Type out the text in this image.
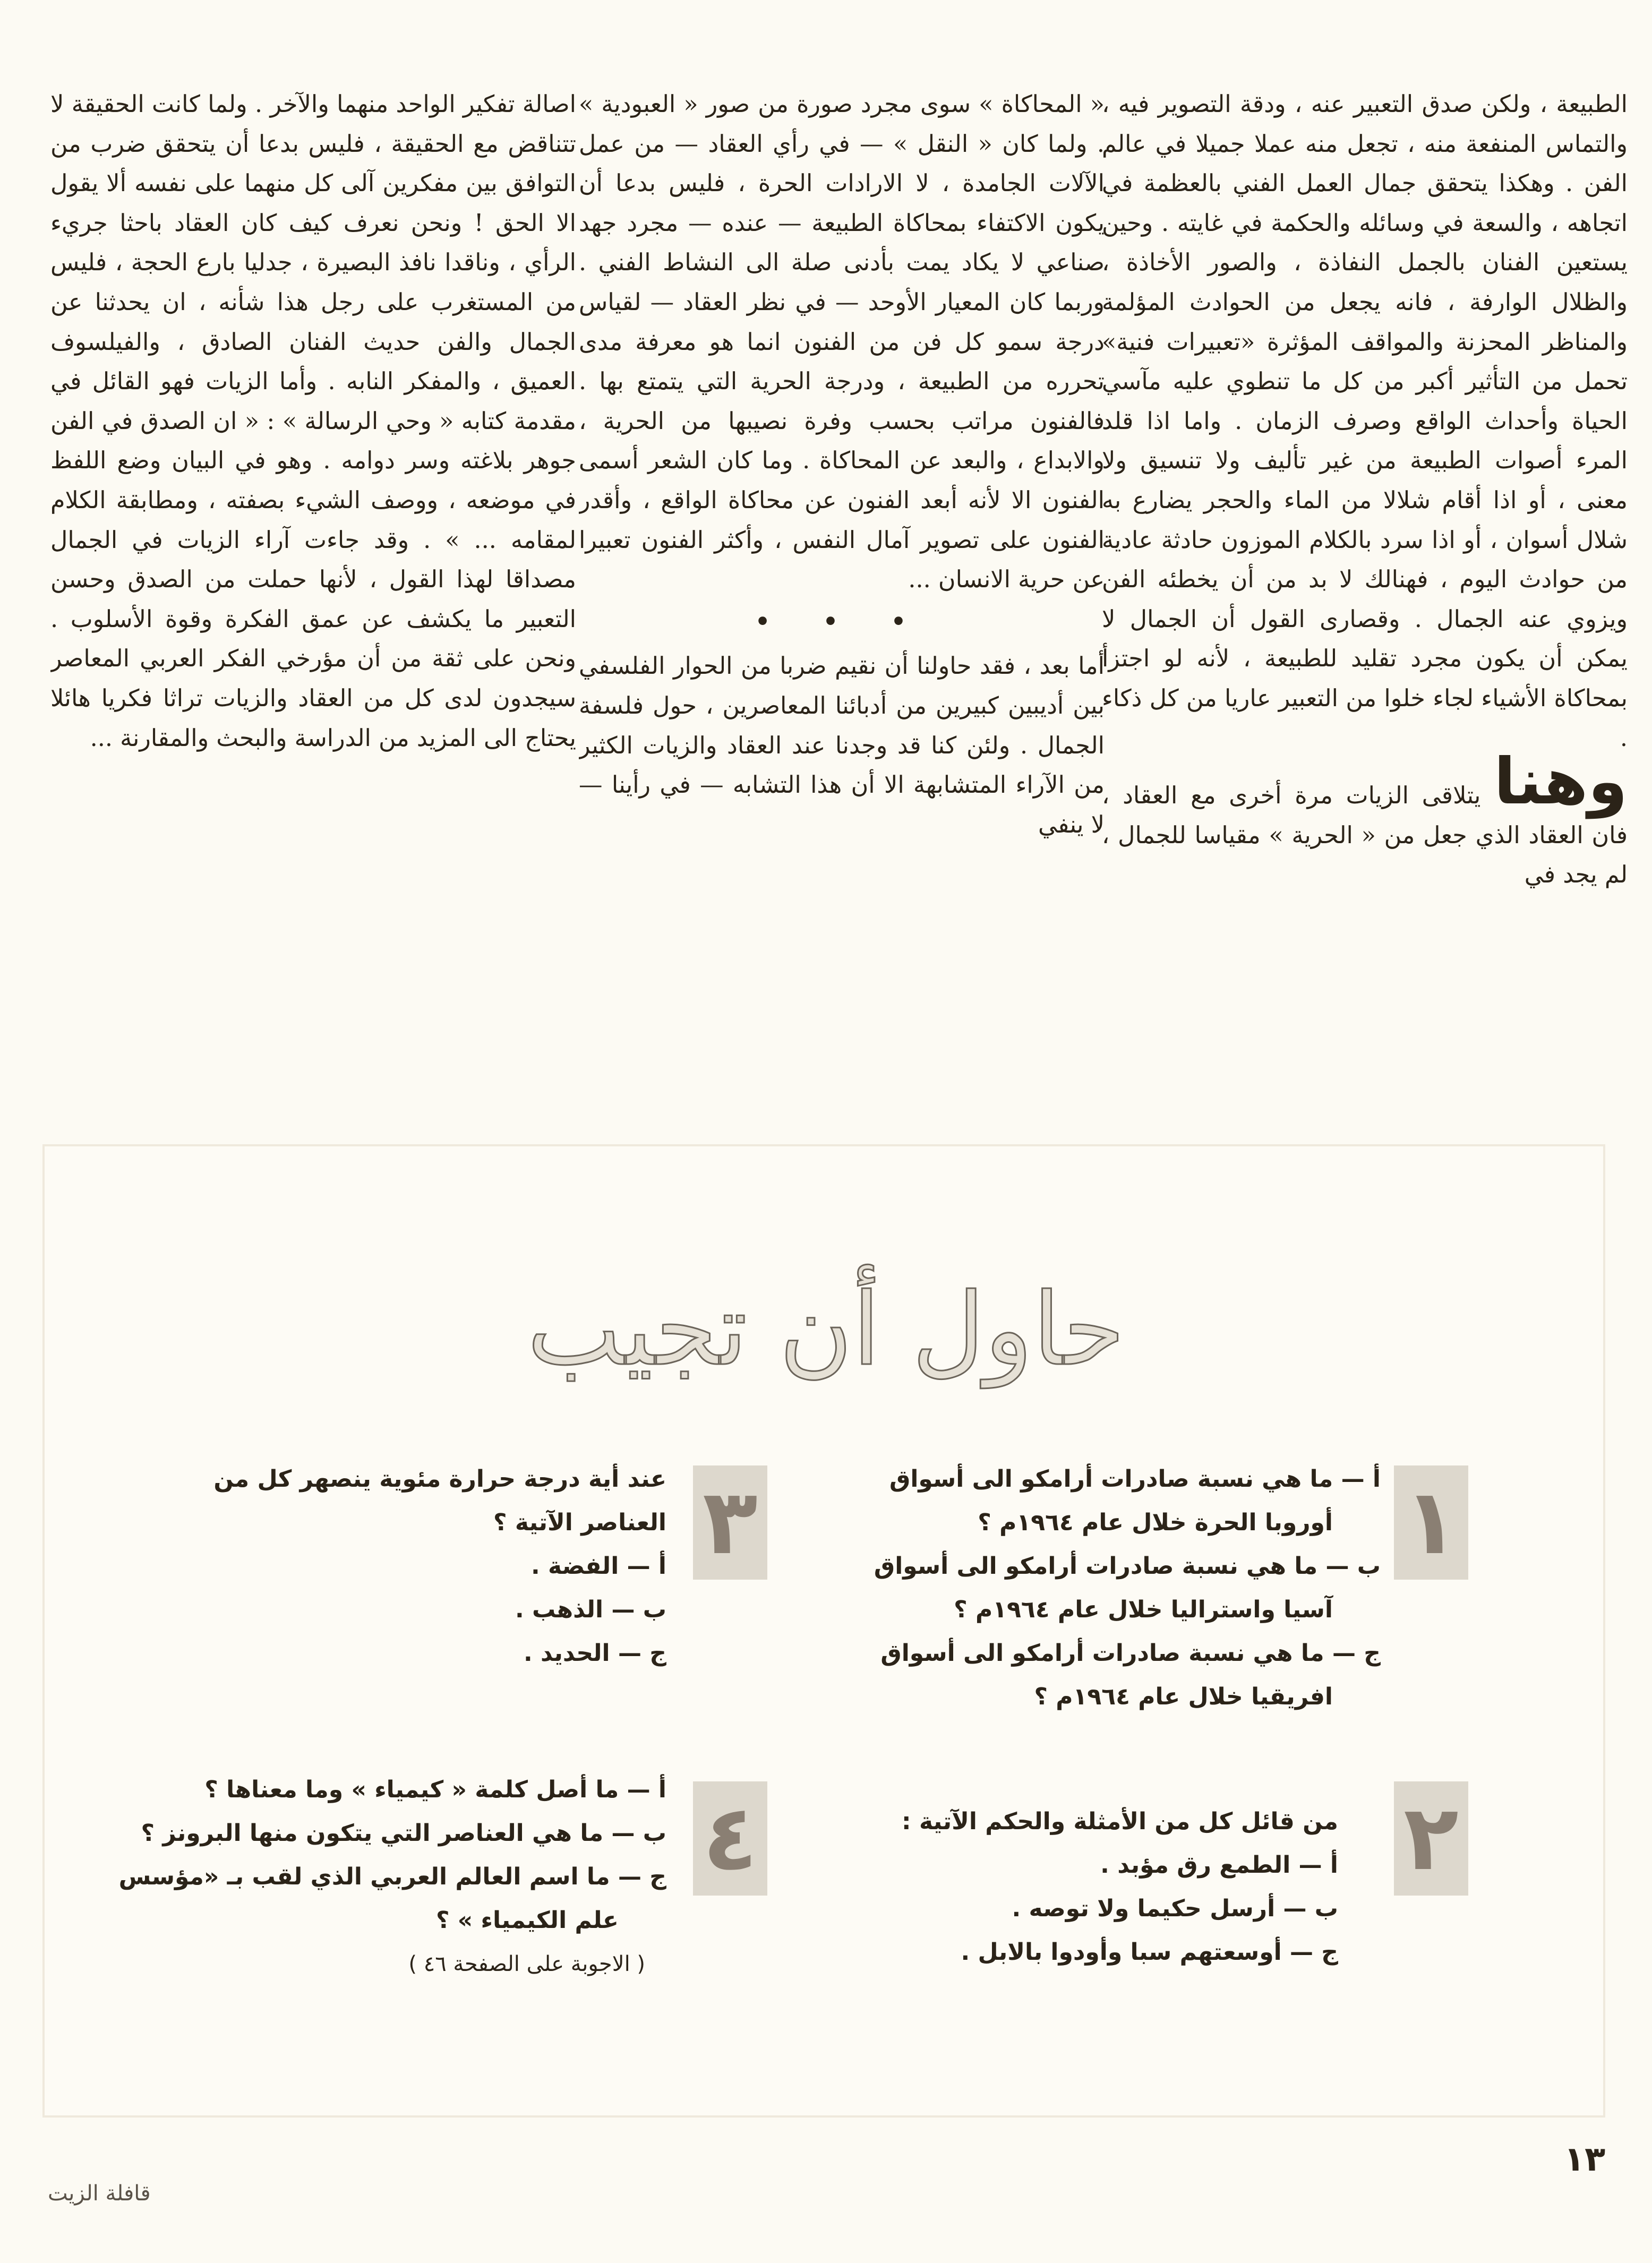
الطبيعة ، ولكن صدق التعبير عنه ، ودقة التصوير فيه ، والتماس المنفعة منه ، تجعل منه عملا جميلا في عالم الفن . وهكذا يتحقق جمال العمل الفني بالعظمة في اتجاهه ، والسعة في وسائله والحكمة في غايته . وحين يستعين الفنان بالجمل النفاذة ، والصور الأخاذة ، والظلال الوارفة ، فانه يجعل من الحوادث المؤلمة والمناظر المحزنة والمواقف المؤثرة «تعبيرات فنية» تحمل من التأثير أكبر من كل ما تنطوي عليه مآسي الحياة وأحداث الواقع وصرف الزمان . واما اذا قلد المرء أصوات الطبيعة من غير تأليف ولا تنسيق ولا معنى ، أو اذا أقام شلالا من الماء والحجر يضارع به شلال أسوان ، أو اذا سرد بالكلام الموزون حادثة عادية من حوادث اليوم ، فهنالك لا بد من أن يخطئه الفن ويزوي عنه الجمال . وقصارى القول أن الجمال لا يمكن أن يكون مجرد تقليد للطبيعة ، لأنه لو اجتزأ بمحاكاة الأشياء لجاء خلوا من التعبير عاريا من كل ذكاء .

وهنا يتلاقى الزيات مرة أخرى مع العقاد ، فان العقاد الذي جعل من « الحرية » مقياسا للجمال ، لم يجد في

« المحاكاة » سوى مجرد صورة من صور « العبودية » . ولما كان « النقل » — في رأي العقاد — من عمل الآلات الجامدة ، لا الارادات الحرة ، فليس بدعا أن يكون الاكتفاء بمحاكاة الطبيعة — عنده — مجرد جهد صناعي لا يكاد يمت بأدنى صلة الى النشاط الفني . وربما كان المعيار الأوحد — في نظر العقاد — لقياس درجة سمو كل فن من الفنون انما هو معرفة مدى تحرره من الطبيعة ، ودرجة الحرية التي يتمتع بها . فالفنون مراتب بحسب وفرة نصيبها من الحرية ، والابداع ، والبعد عن المحاكاة . وما كان الشعر أسمى الفنون الا لأنه أبعد الفنون عن محاكاة الواقع ، وأقدر الفنون على تصوير آمال النفس ، وأكثر الفنون تعبيرا عن حرية الانسان ...

• • •

أما بعد ، فقد حاولنا أن نقيم ضربا من الحوار الفلسفي بين أديبين كبيرين من أدبائنا المعاصرين ، حول فلسفة الجمال . ولئن كنا قد وجدنا عند العقاد والزيات الكثير من الآراء المتشابهة الا أن هذا التشابه — في رأينا — لا ينفي

اصالة تفكير الواحد منهما والآخر . ولما كانت الحقيقة لا تتناقض مع الحقيقة ، فليس بدعا أن يتحقق ضرب من التوافق بين مفكرين آلى كل منهما على نفسه ألا يقول الا الحق ! ونحن نعرف كيف كان العقاد باحثا جريء الرأي ، وناقدا نافذ البصيرة ، جدليا بارع الحجة ، فليس من المستغرب على رجل هذا شأنه ، ان يحدثنا عن الجمال والفن حديث الفنان الصادق ، والفيلسوف العميق ، والمفكر النابه . وأما الزيات فهو القائل في مقدمة كتابه « وحي الرسالة » : « ان الصدق في الفن جوهر بلاغته وسر دوامه . وهو في البيان وضع اللفظ في موضعه ، ووصف الشيء بصفته ، ومطابقة الكلام لمقامه ... » . وقد جاءت آراء الزيات في الجمال مصداقا لهذا القول ، لأنها حملت من الصدق وحسن التعبير ما يكشف عن عمق الفكرة وقوة الأسلوب . ونحن على ثقة من أن مؤرخي الفكر العربي المعاصر سيجدون لدى كل من العقاد والزيات تراثا فكريا هائلا يحتاج الى المزيد من الدراسة والبحث والمقارنة ...

حاول أن تجيب
١
أ — ما هي نسبة صادرات أرامكو الى أسواق
أوروبا الحرة خلال عام ١٩٦٤م ؟
ب — ما هي نسبة صادرات أرامكو الى أسواق
آسيا واستراليا خلال عام ١٩٦٤م ؟
ج — ما هي نسبة صادرات أرامكو الى أسواق
افريقيا خلال عام ١٩٦٤م ؟
٣
عند أية درجة حرارة مئوية ينصهر كل من
العناصر الآتية ؟
أ — الفضة .
ب — الذهب .
ج — الحديد .
٢
من قائل كل من الأمثلة والحكم الآتية :
أ — الطمع رق مؤبد .
ب — أرسل حكيما ولا توصه .
ج — أوسعتهم سبا وأودوا بالابل .
٤
أ — ما أصل كلمة « كيمياء » وما معناها ؟
ب — ما هي العناصر التي يتكون منها البرونز ؟
ج — ما اسم العالم العربي الذي لقب بـ «مؤسس
علم الكيمياء » ؟
( الاجوبة على الصفحة ٤٦ )
١٣
قافلة الزيت
